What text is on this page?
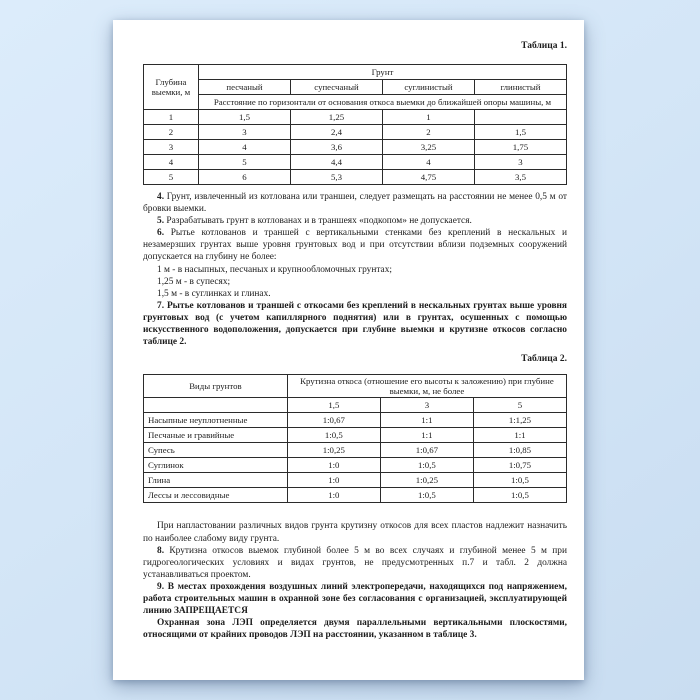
Таблица 1.
Глубина выемки, м	Грунт			
	песчаный	супесчаный	суглинистый	глинистый
	Расстояние по горизонтали от основания откоса выемки до ближайшей опоры машины, м			
1	1,5	1,25	1	
2	3	2,4	2	1,5
3	4	3,6	3,25	1,75
4	5	4,4	4	3
5	6	5,3	4,75	3,5

4. Грунт, извлеченный из котлована или траншеи, следует размещать на расстоянии не менее 0,5 м от бровки выемки.

5. Разрабатывать грунт в котлованах и в траншеях «подкопом» не допускается.

6. Рытье котлованов и траншей с вертикальными стенками без креплений в нескальных и незамерзших грунтах выше уровня грунтовых вод и при отсутствии вблизи подземных сооружений допускается на глубину не более:

1 м - в насыпных, песчаных и крупнообломочных грунтах;

1,25 м - в супесях;

1,5 м - в суглинках и глинах.

7. Рытье котлованов и траншей с откосами без креплений в нескальных грунтах выше уровня грунтовых вод (с учетом капиллярного поднятия) или в грунтах, осушенных с помощью искусственного водоположения, допускается при глубине выемки и крутизне откосов согласно таблице 2.

Таблица 2.
Виды грунтов	Крутизна откоса (отношение его высоты к заложению) при глубине выемки, м, не более		
	1,5	3	5
Насыпные неуплотненные	1:0,67	1:1	1:1,25
Песчаные и гравийные	1:0,5	1:1	1:1
Супесь	1:0,25	1:0,67	1:0,85
Суглинок	1:0	1:0,5	1:0,75
Глина	1:0	1:0,25	1:0,5
Лессы и лессовидные	1:0	1:0,5	1:0,5

При напластовании различных видов грунта крутизну откосов для всех пластов надлежит назначить по наиболее слабому виду грунта.

8. Крутизна откосов выемок глубиной более 5 м во всех случаях и глубиной менее 5 м при гидрогеологических условиях и видах грунтов, не предусмотренных п.7 и табл. 2 должна устанавливаться проектом.

9. В местах прохождения воздушных линий электропередачи, находящихся под напряжением, работа строительных машин в охранной зоне без согласования с организацией, эксплуатирующей линию ЗАПРЕЩАЕТСЯ

Охранная зона ЛЭП определяется двумя параллельными вертикальными плоскостями, относящими от крайних проводов ЛЭП на расстоянии, указанном в таблице 3.
